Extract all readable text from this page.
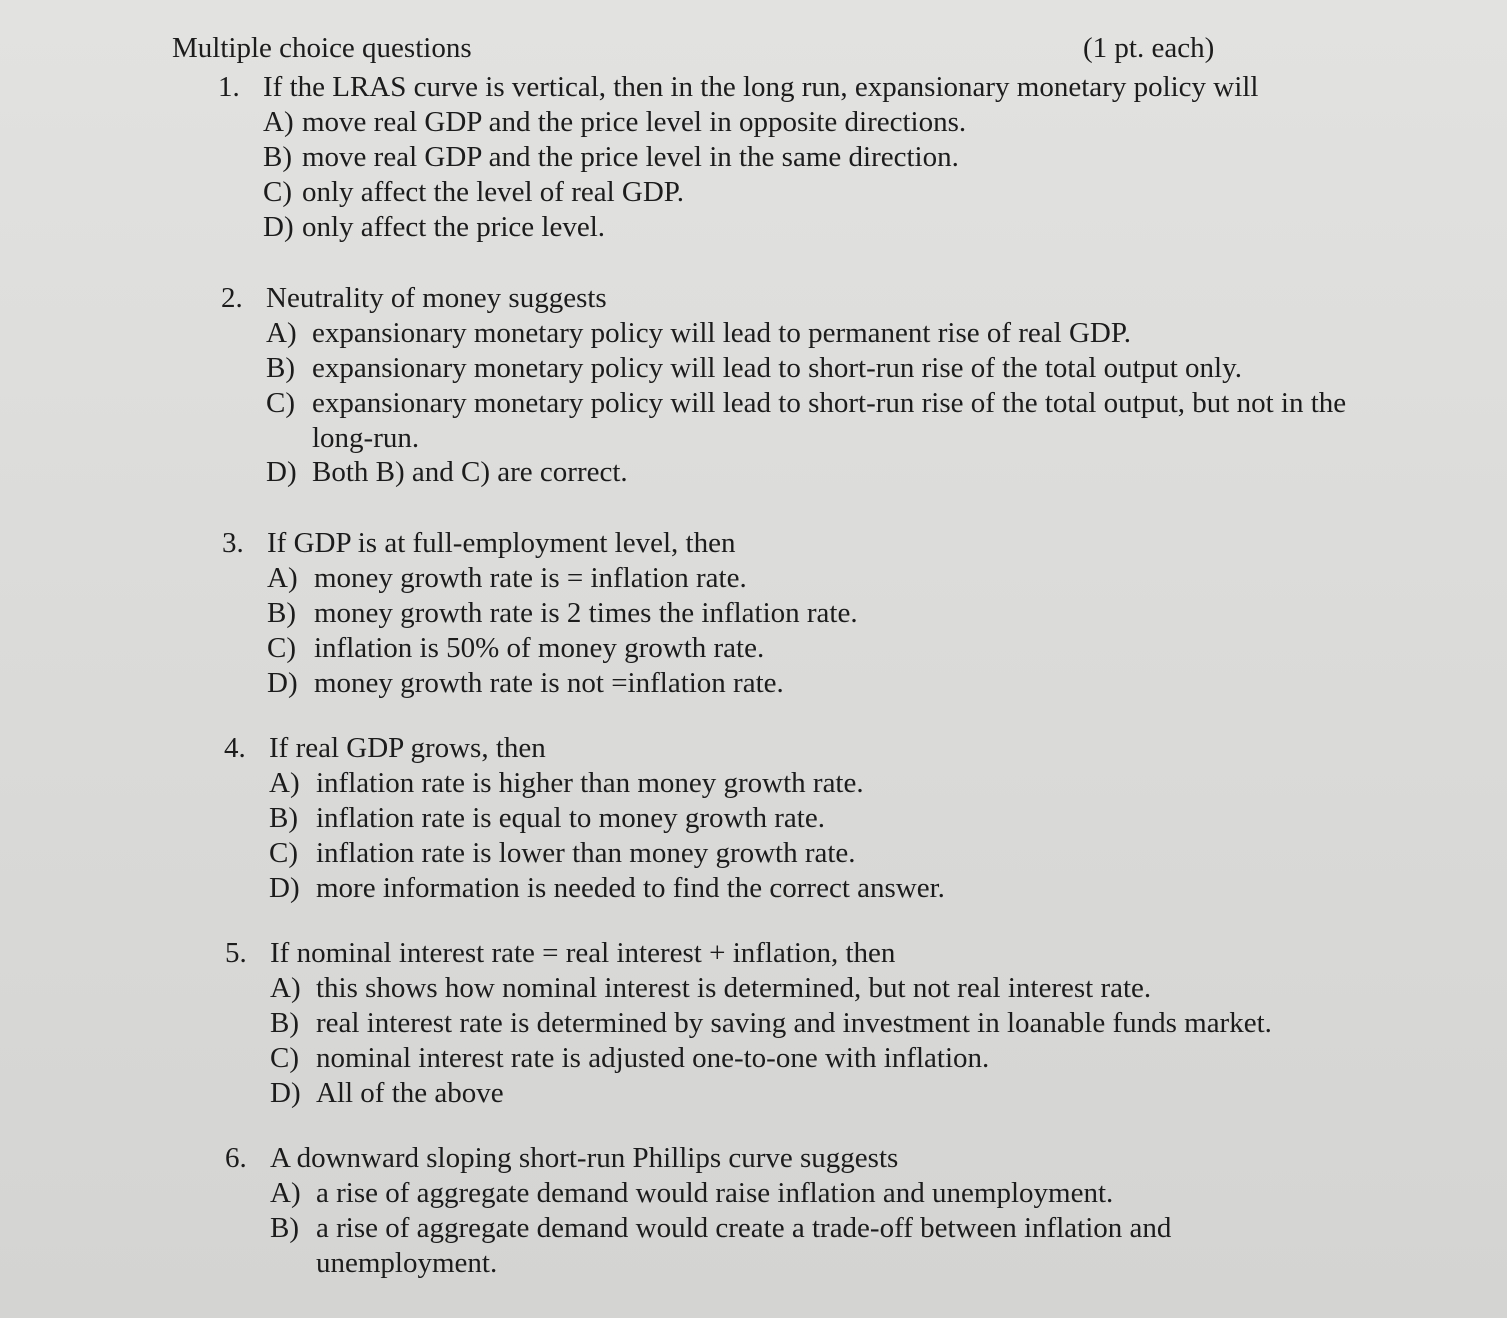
Multiple choice questions	(1 pt. each)
1. If the LRAS curve is vertical, then in the long run, expansionary monetary policy will
A) move real GDP and the price level in opposite directions.
B) move real GDP and the price level in the same direction.
C) only affect the level of real GDP.
D) only affect the price level.
2. Neutrality of money suggests
A) expansionary monetary policy will lead to permanent rise of real GDP.
B) expansionary monetary policy will lead to short-run rise of the total output only.
C) expansionary monetary policy will lead to short-run rise of the total output, but not in the long-run.
D) Both B) and C) are correct.
3. If GDP is at full-employment level, then
A) money growth rate is = inflation rate.
B) money growth rate is 2 times the inflation rate.
C) inflation is 50% of money growth rate.
D) money growth rate is not =inflation rate.
4. If real GDP grows, then
A) inflation rate is higher than money growth rate.
B) inflation rate is equal to money growth rate.
C) inflation rate is lower than money growth rate.
D) more information is needed to find the correct answer.
5. If nominal interest rate = real interest + inflation, then
A) this shows how nominal interest is determined, but not real interest rate.
B) real interest rate is determined by saving and investment in loanable funds market.
C) nominal interest rate is adjusted one-to-one with inflation.
D) All of the above
6. A downward sloping short-run Phillips curve suggests
A) a rise of aggregate demand would raise inflation and unemployment.
B) a rise of aggregate demand would create a trade-off between inflation and unemployment.
